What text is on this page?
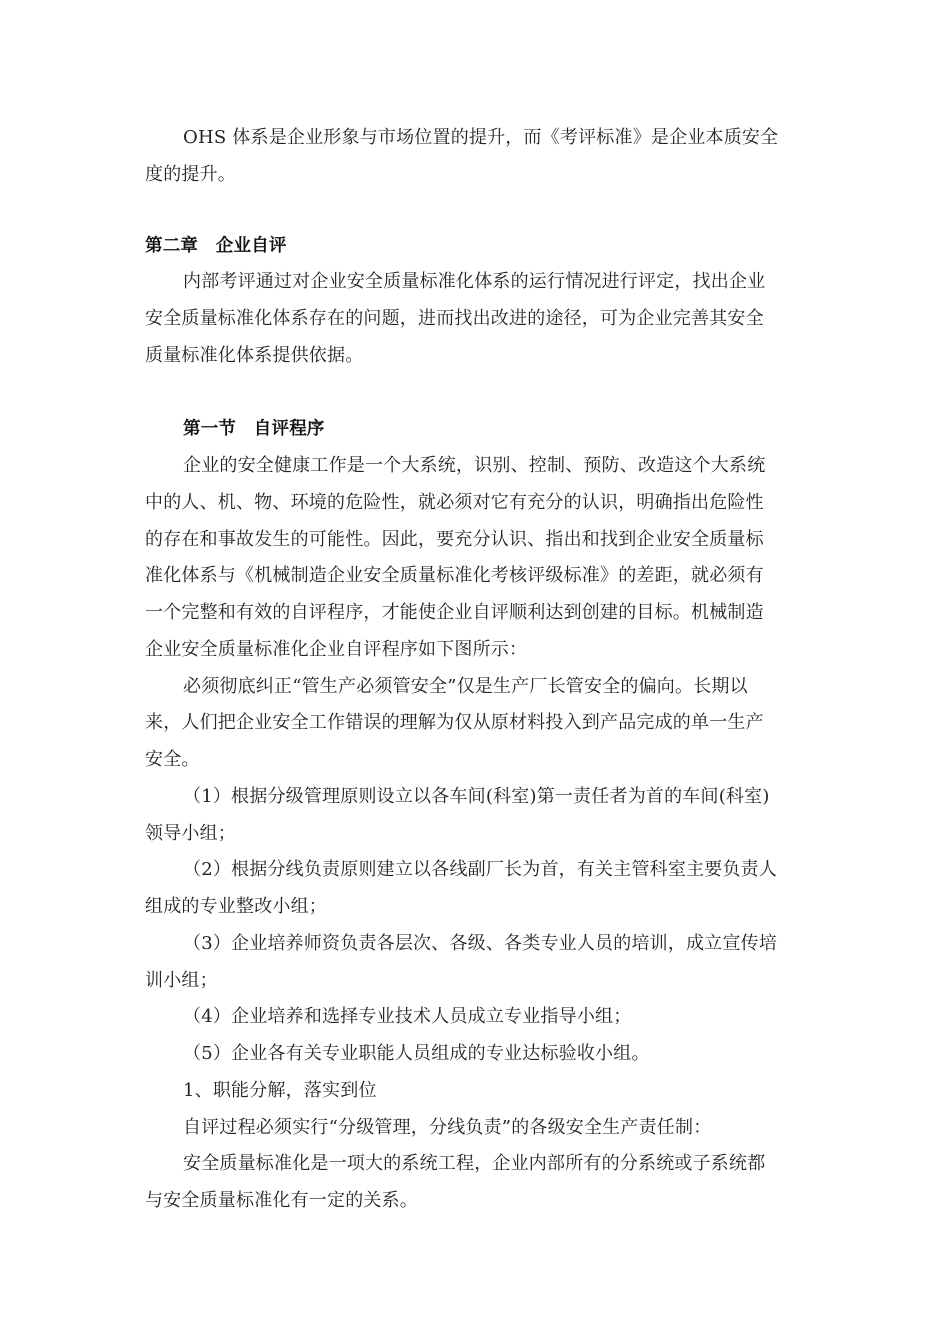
OHS 体系是企业形象与市场位置的提升，而《考评标准》是企业本质安全
度的提升。
第二章　企业自评
内部考评通过对企业安全质量标准化体系的运行情况进行评定，找出企业
安全质量标准化体系存在的问题，进而找出改进的途径，可为企业完善其安全
质量标准化体系提供依据。
第一节　自评程序
企业的安全健康工作是一个大系统，识别、控制、预防、改造这个大系统
中的人、机、物、环境的危险性，就必须对它有充分的认识，明确指出危险性
的存在和事故发生的可能性。因此，要充分认识、指出和找到企业安全质量标
准化体系与《机械制造企业安全质量标准化考核评级标准》的差距，就必须有
一个完整和有效的自评程序，才能使企业自评顺利达到创建的目标。机械制造
企业安全质量标准化企业自评程序如下图所示：
必须彻底纠正“管生产必须管安全”仅是生产厂长管安全的偏向。长期以
来，人们把企业安全工作错误的理解为仅从原材料投入到产品完成的单一生产
安全。
（1）根据分级管理原则设立以各车间(科室)第一责任者为首的车间(科室)
领导小组；
（2）根据分线负责原则建立以各线副厂长为首，有关主管科室主要负责人
组成的专业整改小组；
（3）企业培养师资负责各层次、各级、各类专业人员的培训，成立宣传培
训小组；
（4）企业培养和选择专业技术人员成立专业指导小组；
（5）企业各有关专业职能人员组成的专业达标验收小组。
1、职能分解，落实到位
自评过程必须实行“分级管理，分线负责”的各级安全生产责任制：
安全质量标准化是一项大的系统工程，企业内部所有的分系统或子系统都
与安全质量标准化有一定的关系。
